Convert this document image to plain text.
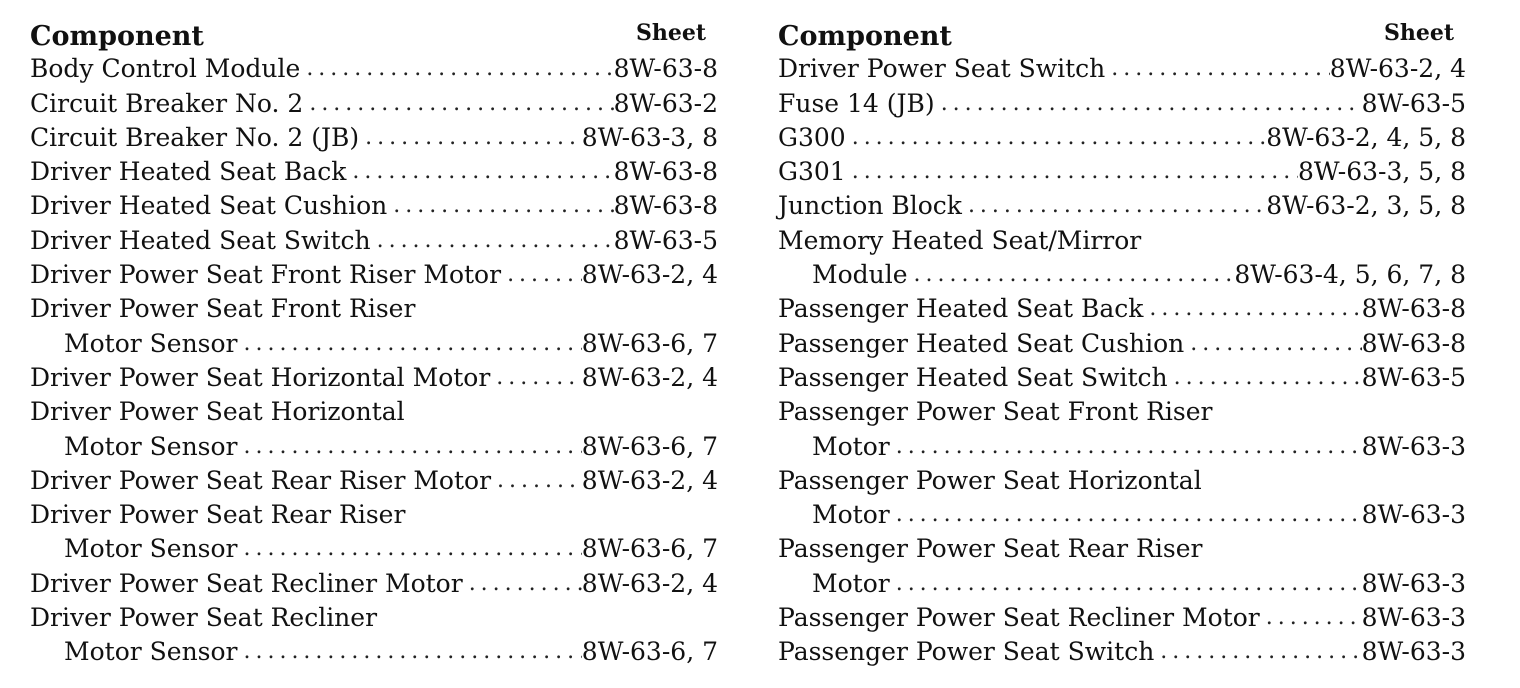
Component	Sheet
Body Control Module . . .	8W-63-8
Circuit Breaker No. 2 . . .	8W-63-2
Circuit Breaker No. 2 (JB) . . .	8W-63-3, 8
Driver Heated Seat Back . . .	8W-63-8
Driver Heated Seat Cushion . . .	8W-63-8
Driver Heated Seat Switch . . .	8W-63-5
Driver Power Seat Front Riser Motor . . .	8W-63-2, 4
Driver Power Seat Front Riser
Motor Sensor . . .	8W-63-6, 7
Driver Power Seat Horizontal Motor . . .	8W-63-2, 4
Driver Power Seat Horizontal
Motor Sensor . . .	8W-63-6, 7
Driver Power Seat Rear Riser Motor . . .	8W-63-2, 4
Driver Power Seat Rear Riser
Motor Sensor . . .	8W-63-6, 7
Driver Power Seat Recliner Motor . . .	8W-63-2, 4
Driver Power Seat Recliner
Motor Sensor . . .	8W-63-6, 7
Component	Sheet
Driver Power Seat Switch . . .	8W-63-2, 4
Fuse 14 (JB) . . .	8W-63-5
G300 . . .	8W-63-2, 4, 5, 8
G301 . . .	8W-63-3, 5, 8
Junction Block . . .	8W-63-2, 3, 5, 8
Memory Heated Seat/Mirror
Module . . .	8W-63-4, 5, 6, 7, 8
Passenger Heated Seat Back . . .	8W-63-8
Passenger Heated Seat Cushion . . .	8W-63-8
Passenger Heated Seat Switch . . .	8W-63-5
Passenger Power Seat Front Riser
Motor . . .	8W-63-3
Passenger Power Seat Horizontal
Motor . . .	8W-63-3
Passenger Power Seat Rear Riser
Motor . . .	8W-63-3
Passenger Power Seat Recliner Motor . . .	8W-63-3
Passenger Power Seat Switch . . .	8W-63-3
